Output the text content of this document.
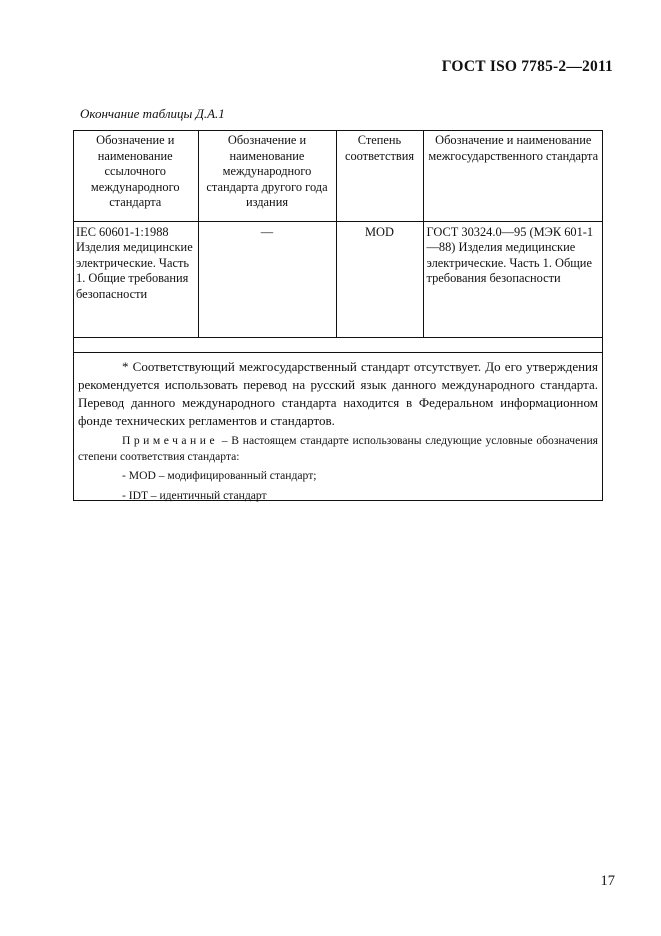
ГОСТ ISO 7785-2—2011
Окончание таблицы Д.А.1
Обозначение и наименование ссылочного международного стандарта	Обозначение и наименование международного стандарта другого года издания	Степень соответствия	Обозначение и наименование межгосударственного стандарта
IEC 60601-1:1988 Изделия медицинские электрические. Часть 1. Общие требования безопасности	—	MOD	ГОСТ 30324.0—95 (МЭК 601-1—88) Изделия медицинские электрические. Часть 1. Общие требования безопасности

* Соответствующий межгосударственный стандарт отсутствует. До его утверждения рекомендуется использовать перевод на русский язык данного международного стандарта. Перевод данного международного стандарта находится в Федеральном информационном фонде технических регламентов и стандартов.

Примечание – В настоящем стандарте использованы следующие условные обозначения степени соответствия стандарта:

- MOD – модифицированный стандарт;
- IDT – идентичный стандарт
17
